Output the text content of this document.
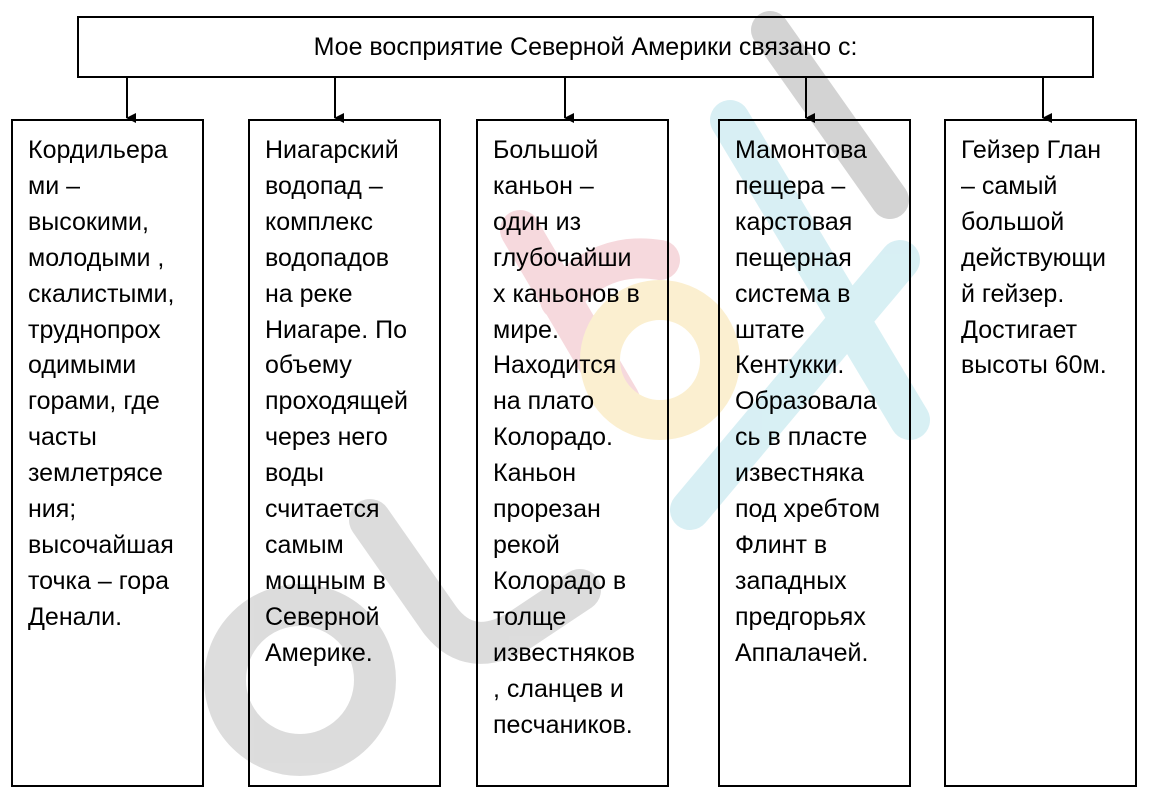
Мое восприятие Северной Америки связано с:

Кордильера
ми –
высокими,
молодыми ,
скалистыми,
труднопрох
одимыми
горами, где
часты
землетрясе
ния;
высочайшая
точка – гора
Денали.

Ниагарский
водопад –
комплекс
водопадов
на реке
Ниагаре. По
объему
проходящей
через него
воды
считается
самым
мощным в
Северной
Америке.

Большой
каньон –
один из
глубочайши
х каньонов в
мире.
Находится
на плато
Колорадо.
Каньон
прорезан
рекой
Колорадо в
толще
известняков
, сланцев и
песчаников.

Мамонтова
пещера –
карстовая
пещерная
система в
штате
Кентукки.
Образовала
сь в пласте
известняка
под хребтом
Флинт в
западных
предгорьях
Аппалачей.

Гейзер Глан
– самый
большой
действующи
й гейзер.
Достигает
высоты 60м.
